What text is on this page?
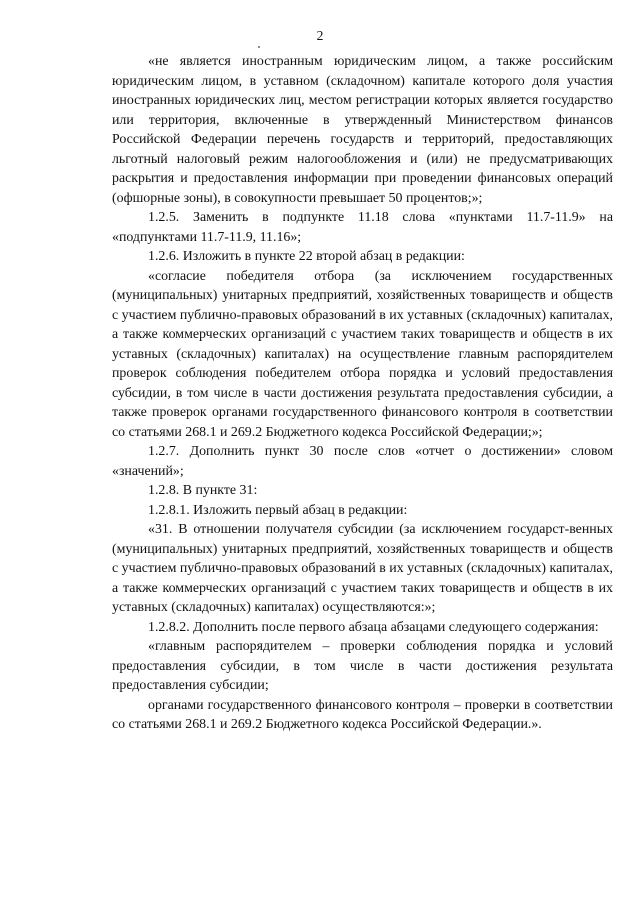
2

«не является иностранным юридическим лицом, а также российским юридическим лицом, в уставном (складочном) капитале которого доля участия иностранных юридических лиц, местом регистрации которых является государство или территория, включенные в утвержденный Министерством финансов Российской Федерации перечень государств и территорий, предоставляющих льготный налоговый режим налогообложения и (или) не предусматривающих раскрытия и предоставления информации при проведении финансовых операций (офшорные зоны), в совокупности превышает 50 процентов;»;

1.2.5. Заменить в подпункте 11.18 слова «пунктами 11.7-11.9» на «подпунктами 11.7-11.9, 11.16»;

1.2.6. Изложить в пункте 22 второй абзац в редакции:

«согласие победителя отбора (за исключением государственных (муниципальных) унитарных предприятий, хозяйственных товариществ и обществ с участием публично-правовых образований в их уставных (складочных) капиталах, а также коммерческих организаций с участием таких товариществ и обществ в их уставных (складочных) капиталах) на осуществление главным распорядителем проверок соблюдения победителем отбора порядка и условий предоставления субсидии, в том числе в части достижения результата предоставления субсидии, а также проверок органами государственного финансового контроля в соответствии со статьями 268.1 и 269.2 Бюджетного кодекса Российской Федерации;»;

1.2.7. Дополнить пункт 30 после слов «отчет о достижении» словом «значений»;

1.2.8. В пункте 31:

1.2.8.1. Изложить первый абзац в редакции:

«31. В отношении получателя субсидии (за исключением государст-венных (муниципальных) унитарных предприятий, хозяйственных товариществ и обществ с участием публично-правовых образований в их уставных (складочных) капиталах, а также коммерческих организаций с участием таких товариществ и обществ в их уставных (складочных) капиталах) осуществляются:»;

1.2.8.2. Дополнить после первого абзаца абзацами следующего содержания:

«главным распорядителем – проверки соблюдения порядка и условий предоставления субсидии, в том числе в части достижения результата предоставления субсидии;

органами государственного финансового контроля – проверки в соответствии со статьями 268.1 и 269.2 Бюджетного кодекса Российской Федерации.».
